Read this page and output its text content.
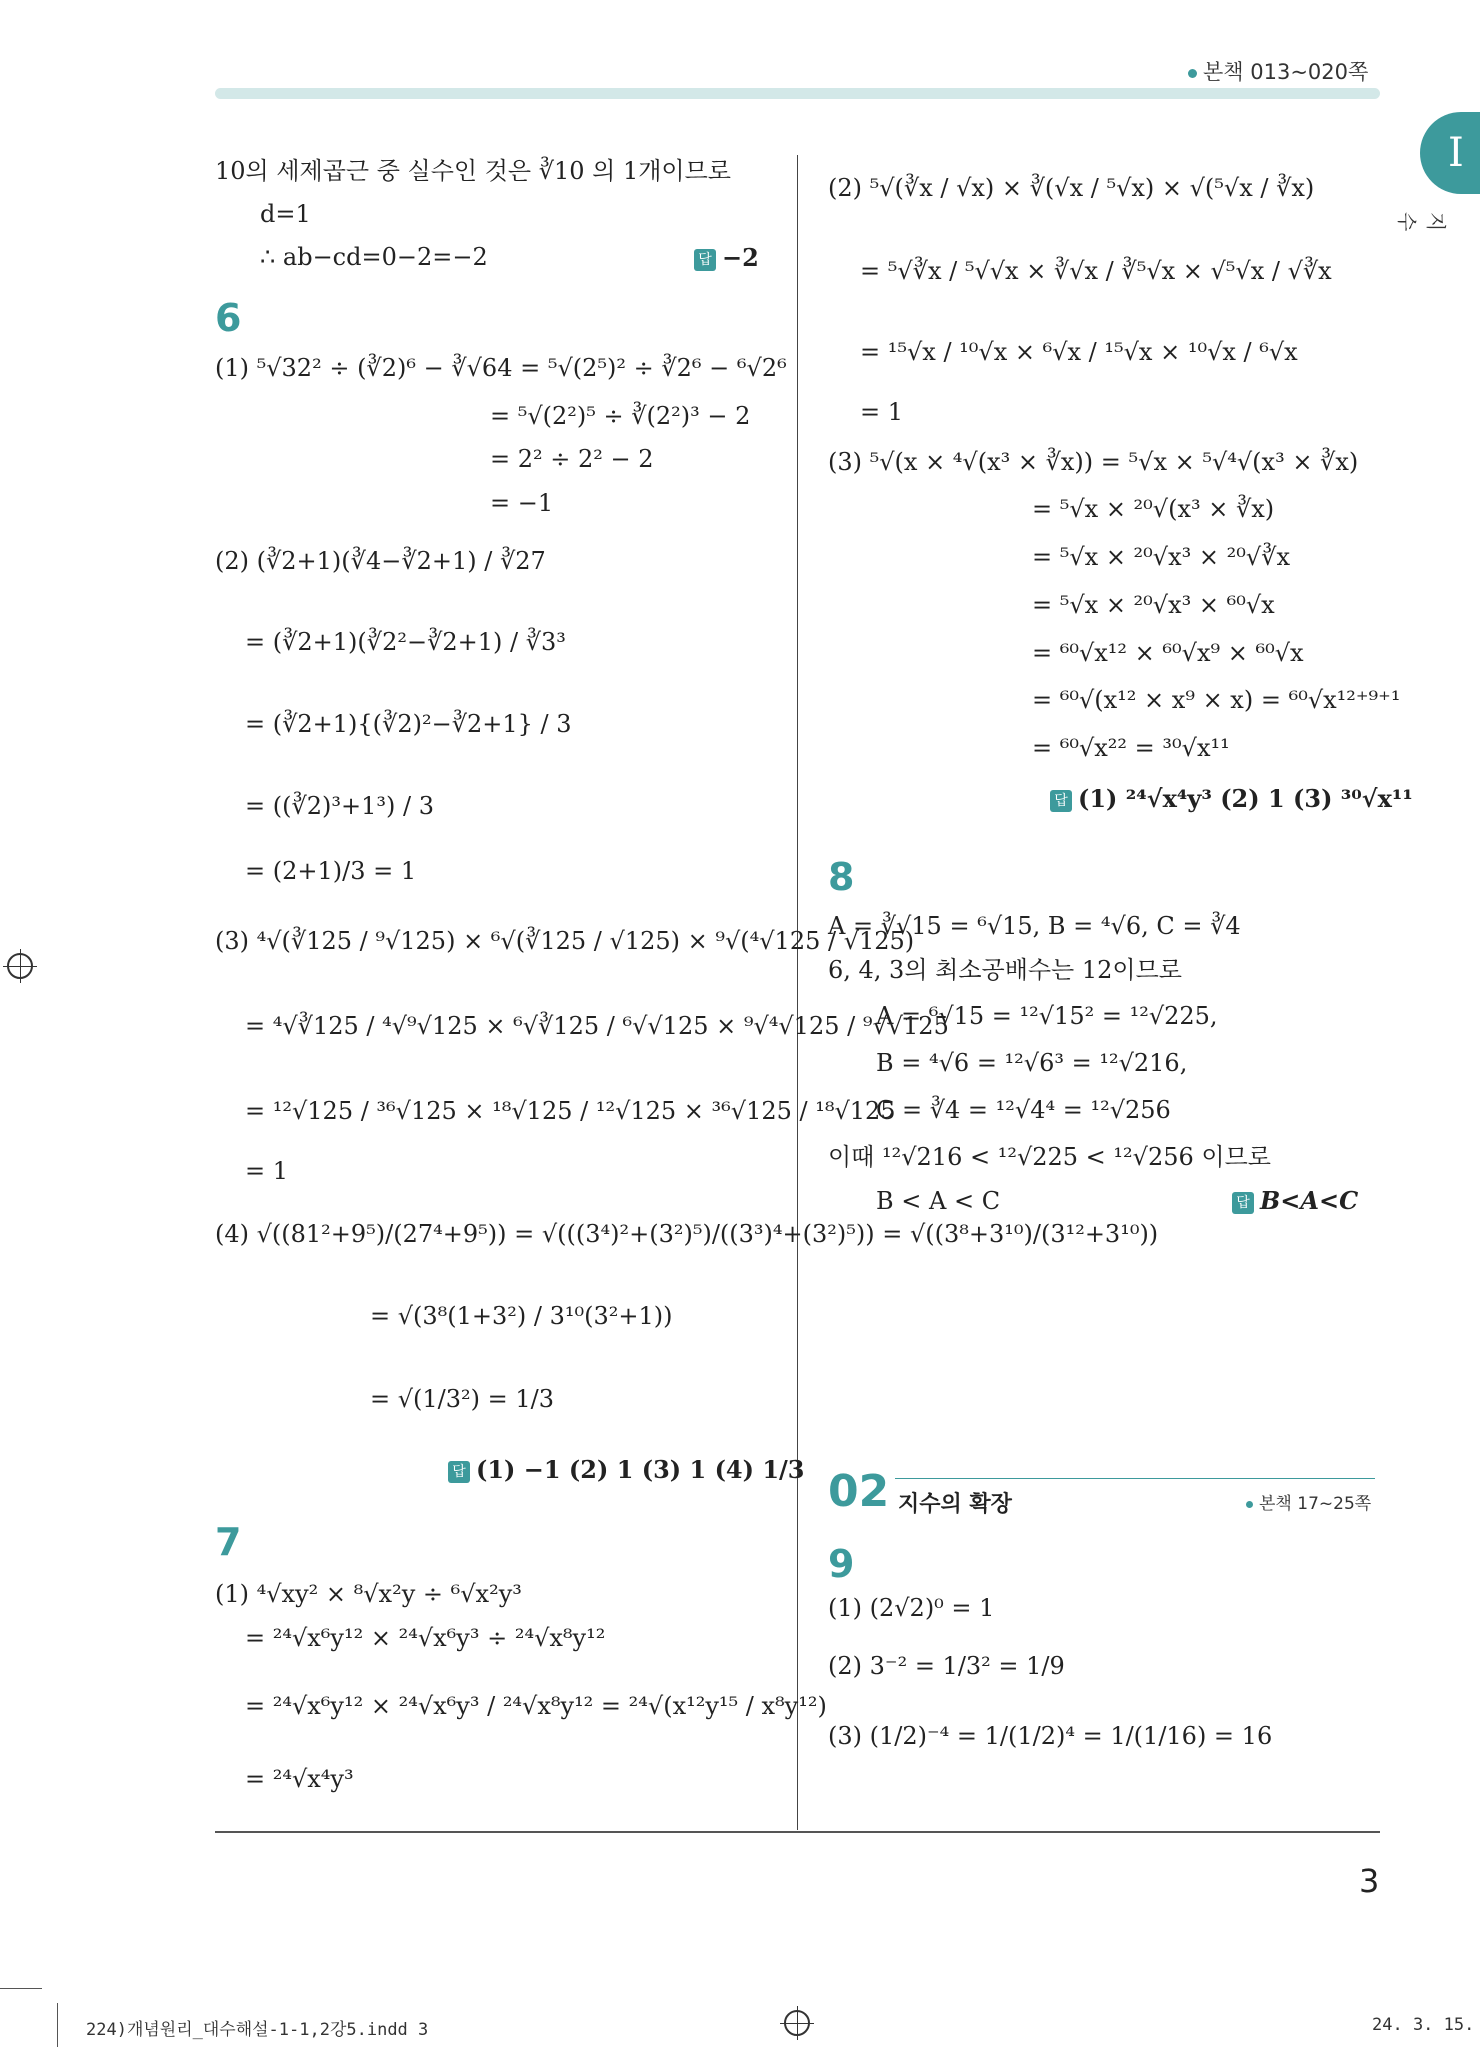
본책 013~020쪽
I
지수
10의 세제곱근 중 실수인 것은 ∛10 의 1개이므로
d=1
∴ ab−cd=0−2=−2	답 −2
6
(1) ⁵√32² ÷ (∛2)⁶ − ∛√64 = ⁵√(2⁵)² ÷ ∛2⁶ − ⁶√2⁶
= ⁵√(2²)⁵ ÷ ∛(2²)³ − 2
= 2² ÷ 2² − 2
= −1
(2) (∛2+1)(∛4−∛2+1) / ∛27
= (∛2+1)(∛2²−∛2+1) / ∛3³
= (∛2+1){(∛2)²−∛2+1} / 3
= ((∛2)³+1³) / 3
= (2+1)/3 = 1
(3) ⁴√(∛125 / ⁹√125) × ⁶√(∛125 / √125) × ⁹√(⁴√125 / √125)
= ⁴√∛125 / ⁴√⁹√125 × ⁶√∛125 / ⁶√√125 × ⁹√⁴√125 / ⁹√√125
= ¹²√125 / ³⁶√125 × ¹⁸√125 / ¹²√125 × ³⁶√125 / ¹⁸√125
= 1
(4) √((81²+9⁵)/(27⁴+9⁵)) = √(((3⁴)²+(3²)⁵)/((3³)⁴+(3²)⁵)) = √((3⁸+3¹⁰)/(3¹²+3¹⁰))
= √(3⁸(1+3²) / 3¹⁰(3²+1))
= √(1/3²) = 1/3
답 (1) −1 (2) 1 (3) 1 (4) 1/3
7
(1) ⁴√xy² × ⁸√x²y ÷ ⁶√x²y³
= ²⁴√x⁶y¹² × ²⁴√x⁶y³ ÷ ²⁴√x⁸y¹²
= ²⁴√x⁶y¹² × ²⁴√x⁶y³ / ²⁴√x⁸y¹² = ²⁴√(x¹²y¹⁵ / x⁸y¹²)
= ²⁴√x⁴y³
(2) ⁵√(∛x / √x) × ∛(√x / ⁵√x) × √(⁵√x / ∛x)
= ⁵√∛x / ⁵√√x × ∛√x / ∛⁵√x × √⁵√x / √∛x
= ¹⁵√x / ¹⁰√x × ⁶√x / ¹⁵√x × ¹⁰√x / ⁶√x
= 1
(3) ⁵√(x × ⁴√(x³ × ∛x)) = ⁵√x × ⁵√⁴√(x³ × ∛x)
= ⁵√x × ²⁰√(x³ × ∛x)
= ⁵√x × ²⁰√x³ × ²⁰√∛x
= ⁵√x × ²⁰√x³ × ⁶⁰√x
= ⁶⁰√x¹² × ⁶⁰√x⁹ × ⁶⁰√x
= ⁶⁰√(x¹² × x⁹ × x) = ⁶⁰√x¹²⁺⁹⁺¹
= ⁶⁰√x²² = ³⁰√x¹¹
답 (1) ²⁴√x⁴y³ (2) 1 (3) ³⁰√x¹¹
8
A = ∛√15 = ⁶√15, B = ⁴√6, C = ∛4
6, 4, 3의 최소공배수는 12이므로
A = ⁶√15 = ¹²√15² = ¹²√225,
B = ⁴√6 = ¹²√6³ = ¹²√216,
C = ∛4 = ¹²√4⁴ = ¹²√256
이때 ¹²√216 < ¹²√225 < ¹²√256 이므로
B < A < C	답 B<A<C
02 지수의 확장	본책 17~25쪽
9
(1) (2√2)⁰ = 1
(2) 3⁻² = 1/3² = 1/9
(3) (1/2)⁻⁴ = 1/(1/2)⁴ = 1/(1/16) = 16
3
224)개념원리_대수해설-1-1,2강5.indd 3	24. 3. 15.
